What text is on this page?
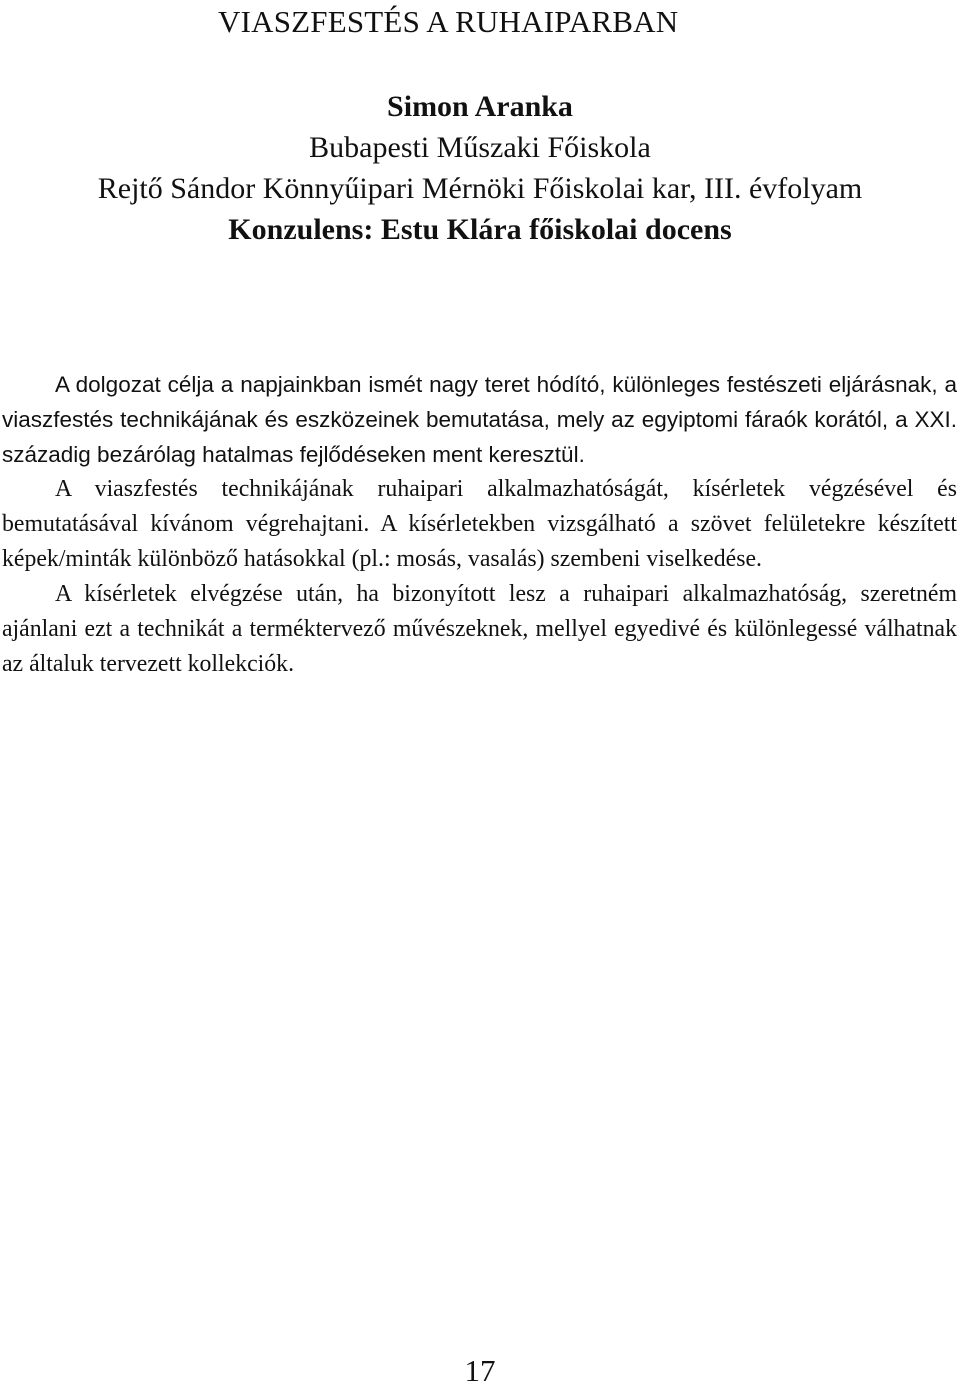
VIASZFESTÉS A RUHAIPARBAN
Simon Aranka
Bubapesti Műszaki Főiskola
Rejtő Sándor Könnyűipari Mérnöki Főiskolai kar, III. évfolyam
Konzulens: Estu Klára főiskolai docens

A dolgozat célja a napjainkban ismét nagy teret hódító, különleges festészeti eljárásnak, a viaszfestés technikájának és eszközeinek bemutatása, mely az egyiptomi fáraók korától, a XXI. századig bezárólag hatalmas fejlődéseken ment keresztül.

A viaszfestés technikájának ruhaipari alkalmazhatóságát, kísérletek végzésével és bemutatásával kívánom végrehajtani. A kísérletekben vizsgálható a szövet felületekre készített képek/minták különböző hatásokkal (pl.: mosás, vasalás) szembeni viselkedése.

A kísérletek elvégzése után, ha bizonyított lesz a ruhaipari alkalmazhatóság, szeretném ajánlani ezt a technikát a terméktervező művészeknek, mellyel egyedivé és különlegessé válhatnak az általuk tervezett kollekciók.

17
